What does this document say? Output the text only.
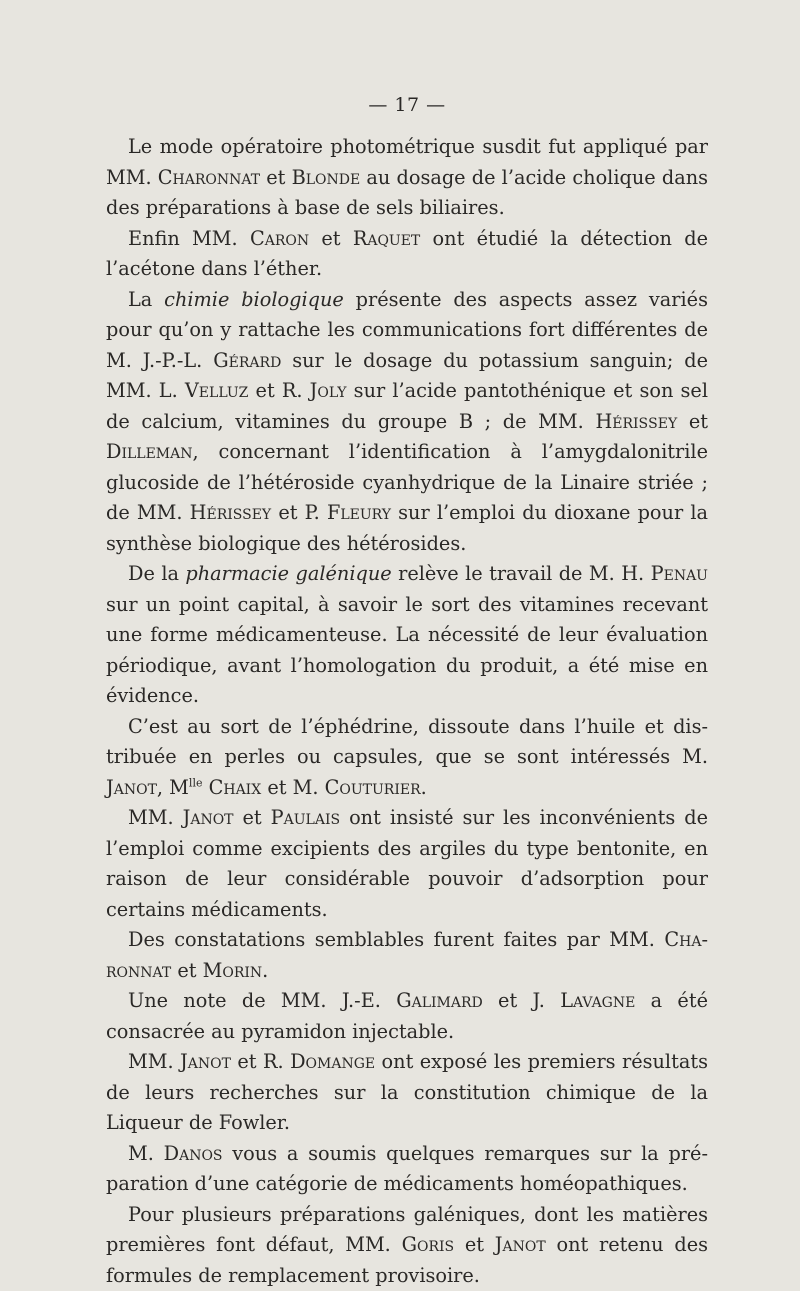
— 17 —

Le mode opératoire photométrique susdit fut appliqué par MM. Charonnat et Blonde au dosage de l’acide cholique dans des préparations à base de sels biliaires.

Enfin MM. Caron et Raquet ont étudié la détection de l’acétone dans l’éther.

La chimie biologique présente des aspects assez variés pour qu’on y rattache les communications fort différentes de M. J.-P.-L. Gérard sur le dosage du potassium sanguin; de MM. L. Velluz et R. Joly sur l’acide pantothénique et son sel de calcium, vitamines du groupe B ; de MM. Hérissey et Dilleman, concernant l’identification à l’amygdalonitrile glucoside de l’hétéroside cyanhydrique de la Linaire striée ; de MM. Hérissey et P. Fleury sur l’emploi du dioxane pour la synthèse biologique des hétérosides.

De la pharmacie galénique relève le travail de M. H. Penau sur un point capital, à savoir le sort des vitamines recevant une forme médicamenteuse. La nécessité de leur évaluation périodique, avant l’homologation du produit, a été mise en évidence.

C’est au sort de l’éphédrine, dissoute dans l’huile et distribuée en perles ou capsules, que se sont intéressés M. Janot, $M^{lle}$ Chaix et M. Couturier.

MM. Janot et Paulais ont insisté sur les inconvénients de l’emploi comme excipients des argiles du type bentonite, en raison de leur considérable pouvoir d’adsorption pour certains médicaments.

Des constatations semblables furent faites par MM. Charonnat et Morin.

Une note de MM. J.-E. Galimard et J. Lavagne a été consacrée au pyramidon injectable.

MM. Janot et R. Domange ont exposé les premiers résultats de leurs recherches sur la constitution chimique de la Liqueur de Fowler.

M. Danos vous a soumis quelques remarques sur la préparation d’une catégorie de médicaments homéopathiques.

Pour plusieurs préparations galéniques, dont les matières premières font défaut, MM. Goris et Janot ont retenu des formules de remplacement provisoire.
